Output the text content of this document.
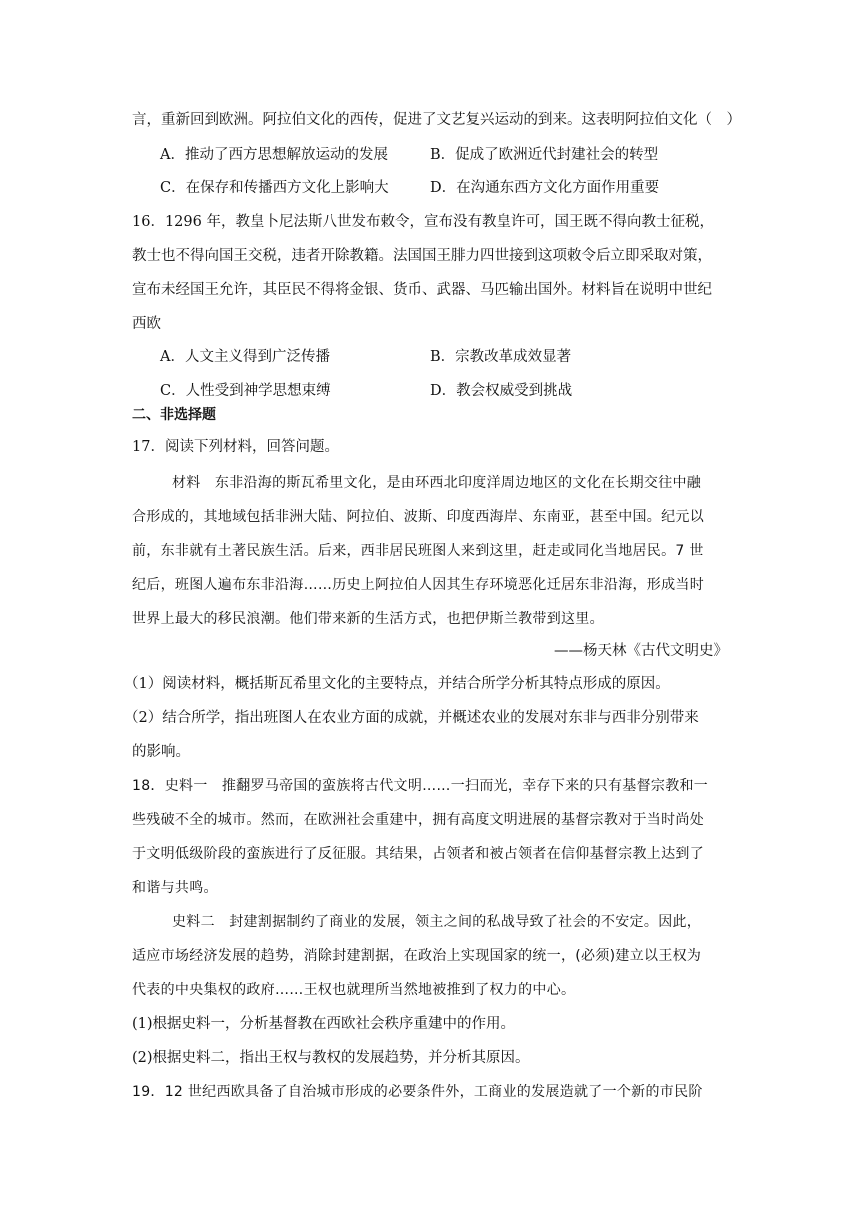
言，重新回到欧洲。阿拉伯文化的西传，促进了文艺复兴运动的到来。这表明阿拉伯文化（　）
A．推动了西方思想解放运动的发展	B．促成了欧洲近代封建社会的转型
C．在保存和传播西方文化上影响大	D．在沟通东西方文化方面作用重要
16．1296 年，教皇卜尼法斯八世发布敕令，宣布没有教皇许可，国王既不得向教士征税，
教士也不得向国王交税，违者开除教籍。法国国王腓力四世接到这项敕令后立即采取对策，
宣布未经国王允许，其臣民不得将金银、货币、武器、马匹输出国外。材料旨在说明中世纪
西欧
A．人文主义得到广泛传播	B．宗教改革成效显著
C．人性受到神学思想束缚	D．教会权威受到挑战
二、非选择题
17．阅读下列材料，回答问题。
材料　东非沿海的斯瓦希里文化，是由环西北印度洋周边地区的文化在长期交往中融
合形成的，其地域包括非洲大陆、阿拉伯、波斯、印度西海岸、东南亚，甚至中国。纪元以
前，东非就有土著民族生活。后来，西非居民班图人来到这里，赶走或同化当地居民。7 世
纪后，班图人遍布东非沿海……历史上阿拉伯人因其生存环境恶化迁居东非沿海，形成当时
世界上最大的移民浪潮。他们带来新的生活方式，也把伊斯兰教带到这里。
——杨天林《古代文明史》
（1）阅读材料，概括斯瓦希里文化的主要特点，并结合所学分析其特点形成的原因。
（2）结合所学，指出班图人在农业方面的成就，并概述农业的发展对东非与西非分别带来
的影响。
18．史料一　推翻罗马帝国的蛮族将古代文明……一扫而光，幸存下来的只有基督宗教和一
些残破不全的城市。然而，在欧洲社会重建中，拥有高度文明进展的基督宗教对于当时尚处
于文明低级阶段的蛮族进行了反征服。其结果，占领者和被占领者在信仰基督宗教上达到了
和谐与共鸣。
史料二　封建割据制约了商业的发展，领主之间的私战导致了社会的不安定。因此，
适应市场经济发展的趋势，消除封建割据，在政治上实现国家的统一，(必须)建立以王权为
代表的中央集权的政府……王权也就理所当然地被推到了权力的中心。
(1)根据史料一，分析基督教在西欧社会秩序重建中的作用。
(2)根据史料二，指出王权与教权的发展趋势，并分析其原因。
19．12 世纪西欧具备了自治城市形成的必要条件外，工商业的发展造就了一个新的市民阶
